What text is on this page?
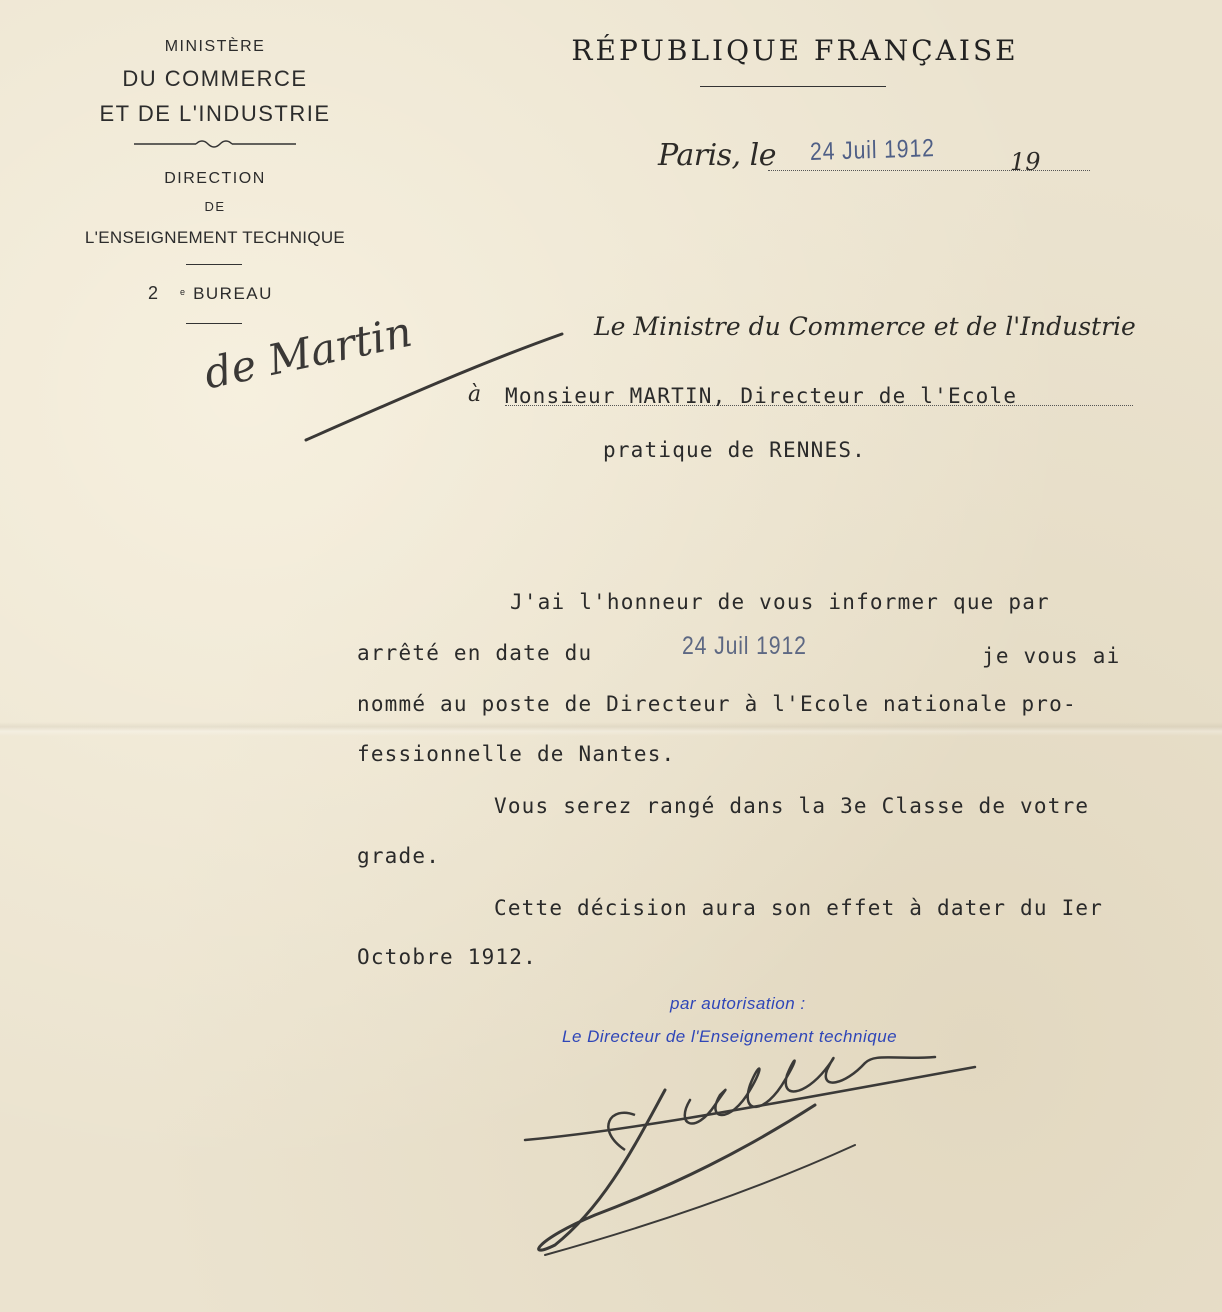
MINISTÈRE
DU COMMERCE
ET DE L'INDUSTRIE
DIRECTION
DE
L'ENSEIGNEMENT TECHNIQUE
2 $^e$ BUREAU
RÉPUBLIQUE FRANÇAISE
Paris, le 24 Juil 1912	19
de Martin	Le Ministre du Commerce et de l'Industrie
à Monsieur MARTIN, Directeur de l'Ecole
pratique de RENNES.
J'ai l'honneur de vous informer que par
arrêté en date du	24 Juil 1912	je vous ai
nommé au poste de Directeur à l'Ecole nationale pro-
fessionnelle de Nantes.
Vous serez rangé dans la 3e Classe de votre
grade.
Cette décision aura son effet à dater du Ier
Octobre 1912.
par autorisation :
Le Directeur de l'Enseignement technique
